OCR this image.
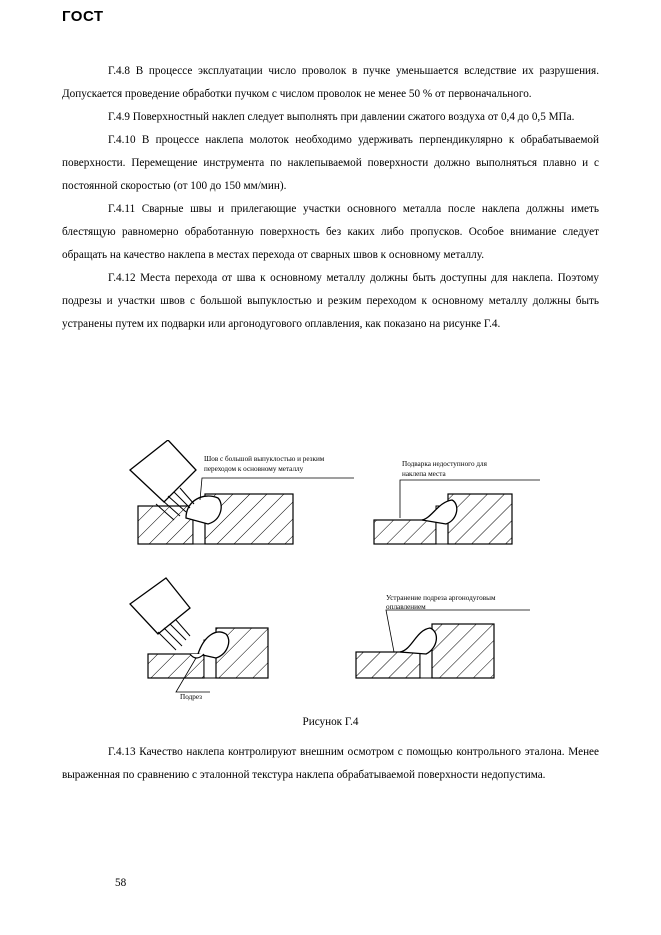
ГОСТ

Г.4.8 В процессе эксплуатации число проволок в пучке уменьшается вследствие их разрушения. Допускается проведение обработки пучком с числом проволок не менее 50 % от первоначального.

Г.4.9 Поверхностный наклеп следует выполнять при давлении сжатого воздуха от 0,4 до 0,5 МПа.

Г.4.10 В процессе наклепа молоток необходимо удерживать перпендикулярно к обрабатываемой поверхности. Перемещение инструмента по наклепываемой поверхности должно выполняться плавно и с постоянной скоростью (от 100 до 150 мм/мин).

Г.4.11 Сварные швы и прилегающие участки основного металла после наклепа должны иметь блестящую равномерно обработанную поверхность без каких либо пропусков. Особое внимание следует обращать на качество наклепа в местах перехода от сварных швов к основному металлу.

Г.4.12 Места перехода от шва к основному металлу должны быть доступны для наклепа. Поэтому подрезы и участки швов с большой выпуклостью и резким переходом к основному металлу должны быть устранены путем их подварки или аргонодугового оплавления, как показано на рисунке Г.4.

Шов с большой выпуклостью и резким
переходом к основному металлу
Подварка недоступного для
наклепа места
Подрез
Устранение подреза аргонодуговым
оплавлением
Рисунок Г.4

Г.4.13 Качество наклепа контролируют внешним осмотром с помощью контрольного эталона. Менее выраженная по сравнению с эталонной текстура наклепа обрабатываемой поверхности недопустима.

58
